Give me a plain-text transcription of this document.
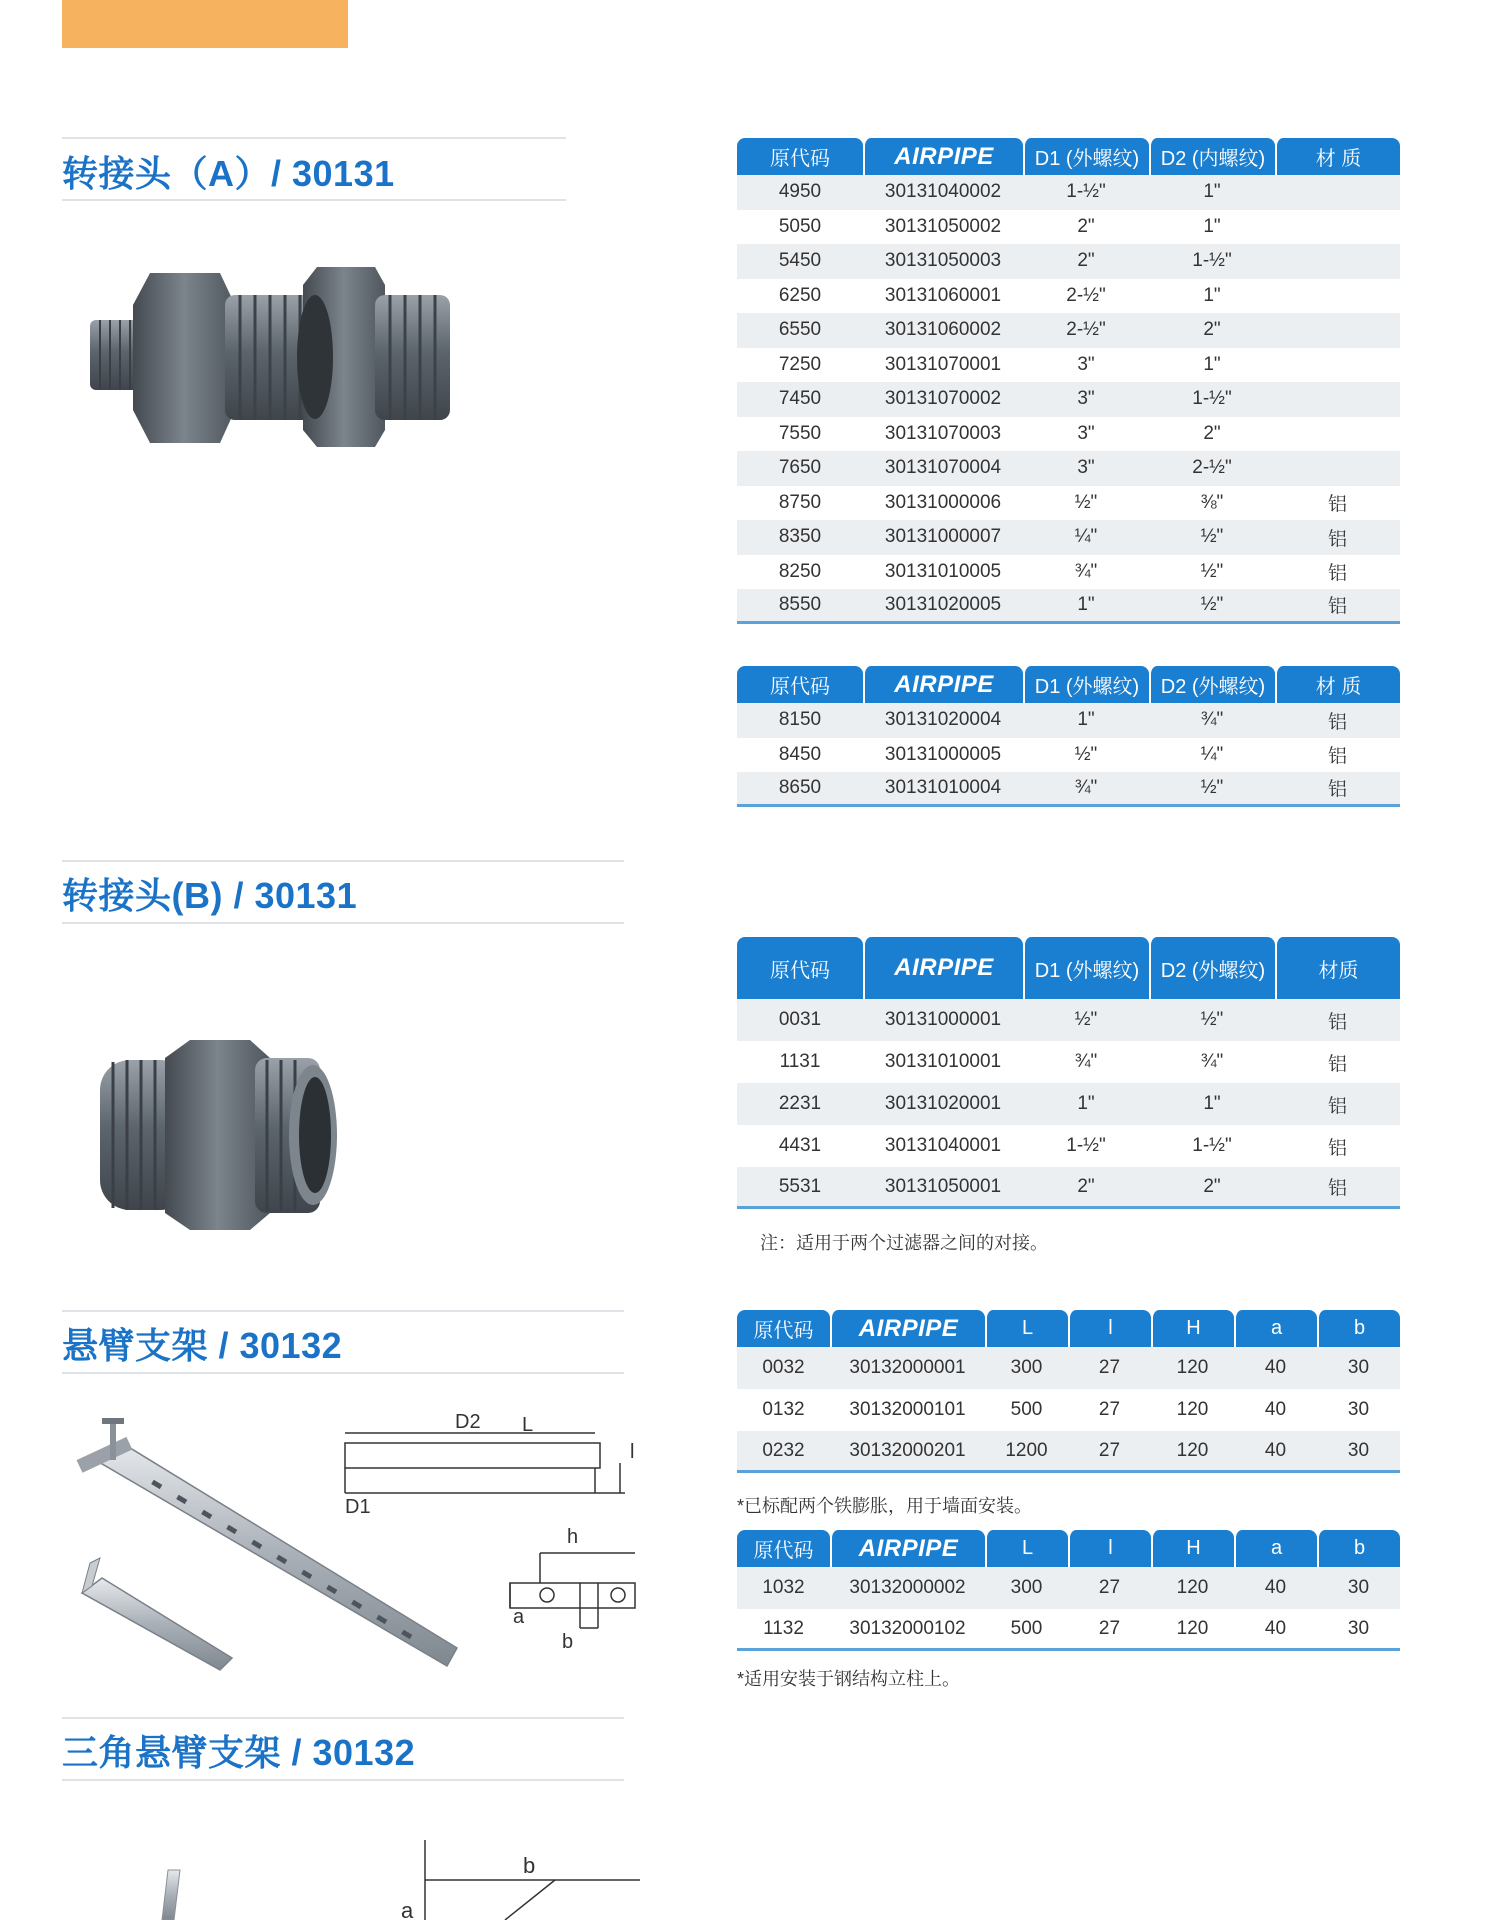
转接头（A）/ 30131	原代码	AIRPIPE	D1 (外螺纹)	D2 (内螺纹)	材 质
4950	30131040002	1-½"	1"	
5050	30131050002	2"	1"	
5450	30131050003	2"	1-½"	
6250	30131060001	2-½"	1"	
6550	30131060002	2-½"	2"	
7250	30131070001	3"	1"	
7450	30131070002	3"	1-½"	
7550	30131070003	3"	2"	
7650	30131070004	3"	2-½"	
8750	30131000006	½"	⅜"	铝
8350	30131000007	¼"	½"	铝
8250	30131010005	¾"	½"	铝
8550	30131020005	1"	½"	铝
原代码	AIRPIPE	D1 (外螺纹)	D2 (外螺纹)	材 质
8150	30131020004	1"	¾"	铝
8450	30131000005	½"	¼"	铝
8650	30131010004	¾"	½"	铝
转接头(B) / 30131
原代码	AIRPIPE	D1 (外螺纹)	D2 (外螺纹)	材质
0031	30131000001	½"	½"	铝
1131	30131010001	¾"	¾"	铝
2231	30131020001	1"	1"	铝
4431	30131040001	1-½"	1-½"	铝
5531	30131050001	2"	2"	铝
注：适用于两个过滤器之间的对接。
悬臂支架 / 30132
D2 L
l
D1
h
a
b
原代码	AIRPIPE	L	l	H	a	b
0032	30132000001	300	27	120	40	30
0132	30132000101	500	27	120	40	30
0232	30132000201	1200	27	120	40	30
*已标配两个铁膨胀，用于墙面安装。
原代码	AIRPIPE	L	l	H	a	b
1032	30132000002	300	27	120	40	30
1132	30132000102	500	27	120	40	30
*适用安装于钢结构立柱上。
三角悬臂支架 / 30132
b
a
